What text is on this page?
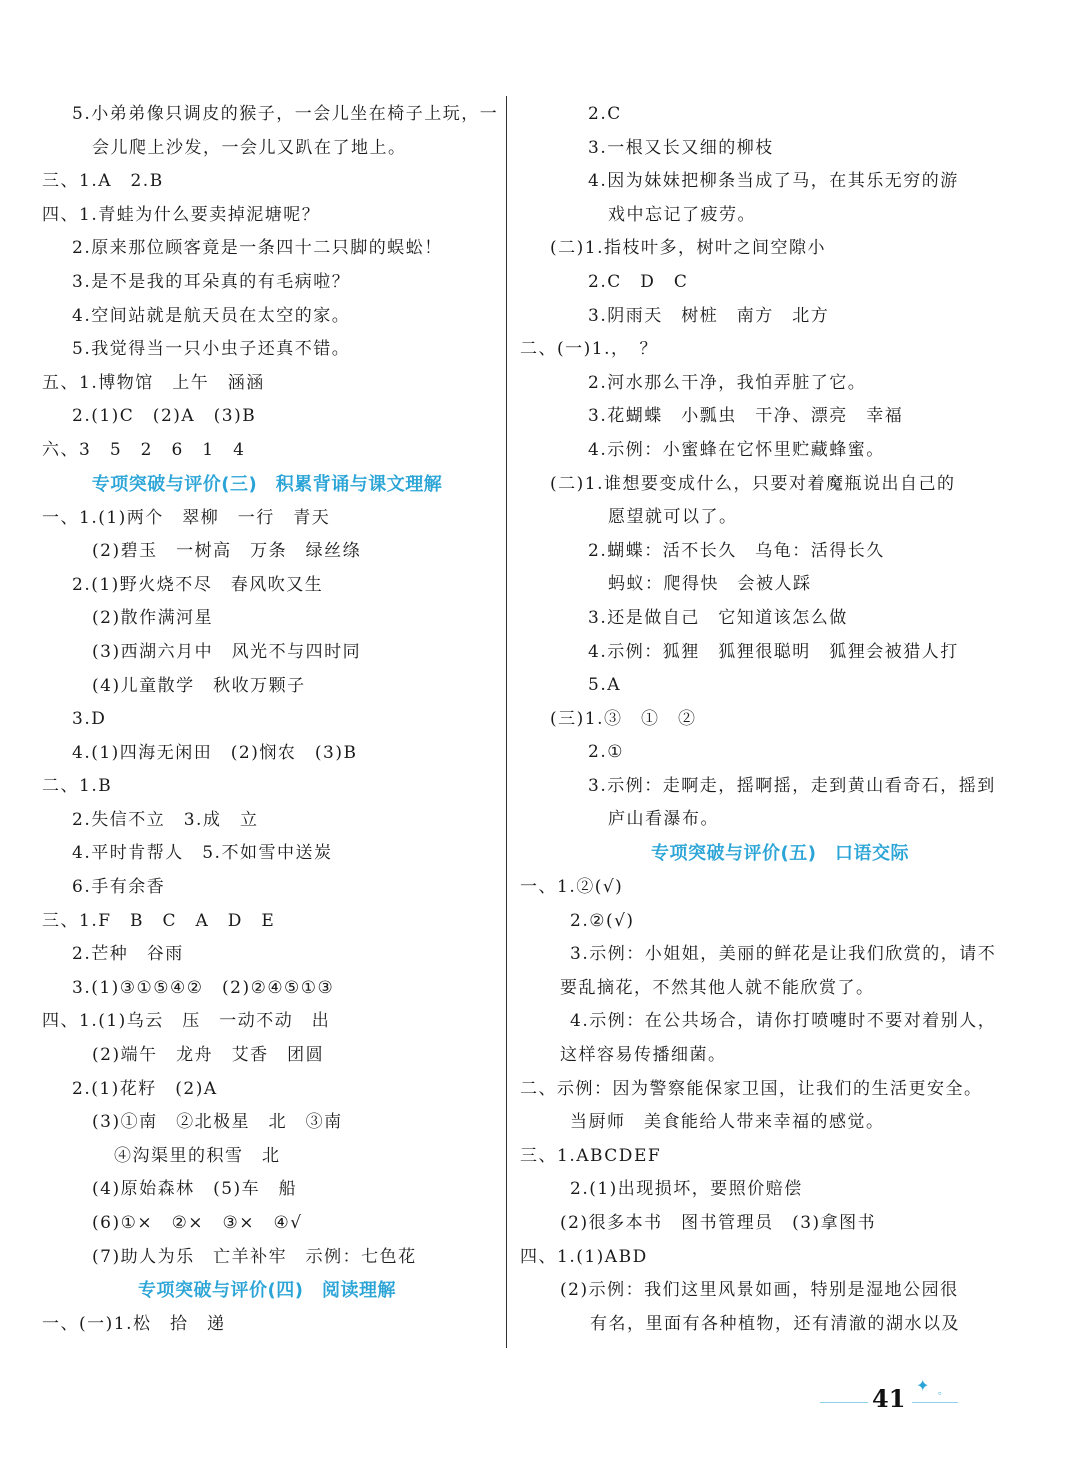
5.小弟弟像只调皮的猴子，一会儿坐在椅子上玩，一
会儿爬上沙发，一会儿又趴在了地上。
三、1.A　2.B
四、1.青蛙为什么要卖掉泥塘呢？
2.原来那位顾客竟是一条四十二只脚的蜈蚣！
3.是不是我的耳朵真的有毛病啦？
4.空间站就是航天员在太空的家。
5.我觉得当一只小虫子还真不错。
五、1.博物馆　上午　涵涵
2.(1)C　(2)A　(3)B
六、3　5　2　6　1　4
专项突破与评价(三)　积累背诵与课文理解
一、1.(1)两个　翠柳　一行　青天
(2)碧玉　一树高　万条　绿丝绦
2.(1)野火烧不尽　春风吹又生
(2)散作满河星
(3)西湖六月中　风光不与四时同
(4)儿童散学　秋收万颗子
3.D
4.(1)四海无闲田　(2)悯农　(3)B
二、1.B
2.失信不立　3.成　立
4.平时肯帮人　5.不如雪中送炭
6.手有余香
三、1.F　B　C　A　D　E
2.芒种　谷雨
3.(1)③①⑤④②　(2)②④⑤①③
四、1.(1)乌云　压　一动不动　出
(2)端午　龙舟　艾香　团圆
2.(1)花籽　(2)A
(3)①南　②北极星　北　③南
④沟渠里的积雪　北
(4)原始森林　(5)车　船
(6)①×　②×　③×　④√
(7)助人为乐　亡羊补牢　示例：七色花
专项突破与评价(四)　阅读理解
一、(一)1.松　拾　递
2.C
3.一根又长又细的柳枝
4.因为妹妹把柳条当成了马，在其乐无穷的游
戏中忘记了疲劳。
(二)1.指枝叶多，树叶之间空隙小
2.C　D　C
3.阴雨天　树桩　南方　北方
二、(一)1.，　？
2.河水那么干净，我怕弄脏了它。
3.花蝴蝶　小瓢虫　干净、漂亮　幸福
4.示例：小蜜蜂在它怀里贮藏蜂蜜。
(二)1.谁想要变成什么，只要对着魔瓶说出自己的
愿望就可以了。
2.蝴蝶：活不长久　乌龟：活得长久
蚂蚁：爬得快　会被人踩
3.还是做自己　它知道该怎么做
4.示例：狐狸　狐狸很聪明　狐狸会被猎人打
5.A
(三)1.③　①　②
2.①
3.示例：走啊走，摇啊摇，走到黄山看奇石，摇到
庐山看瀑布。
专项突破与评价(五)　口语交际
一、1.②(√)
2.②(√)
3.示例：小姐姐，美丽的鲜花是让我们欣赏的，请不
要乱摘花，不然其他人就不能欣赏了。
4.示例：在公共场合，请你打喷嚏时不要对着别人，
这样容易传播细菌。
二、示例：因为警察能保家卫国，让我们的生活更安全。
当厨师　美食能给人带来幸福的感觉。
三、1.ABCDEF
2.(1)出现损坏，要照价赔偿
(2)很多本书　图书管理员　(3)拿图书
四、1.(1)ABD
(2)示例：我们这里风景如画，特别是湿地公园很
有名，里面有各种植物，还有清澈的湖水以及
41 ✦ 。
